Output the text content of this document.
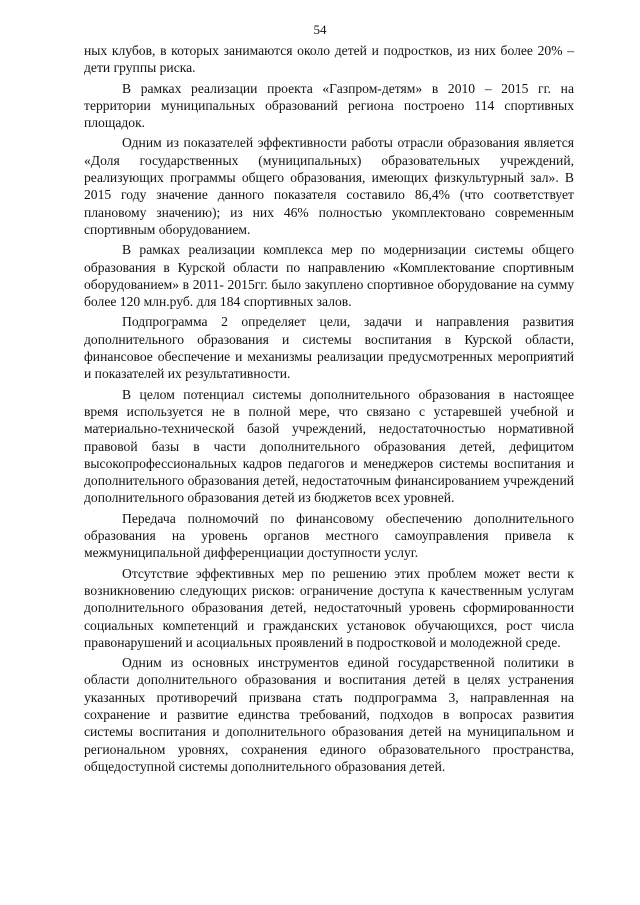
54

ных клубов, в которых занимаются около детей и подростков, из них более 20% –дети группы риска.

В рамках реализации проекта «Газпром-детям» в 2010 – 2015 гг. на территории муниципальных образований региона построено 114 спортивных площадок.

Одним из показателей эффективности работы отрасли образования является «Доля государственных (муниципальных) образовательных учреждений, реализующих программы общего образования, имеющих физкультурный зал». В 2015 году значение данного показателя составило 86,4% (что соответствует плановому значению); из них 46% полностью укомплектовано современным спортивным оборудованием.

В рамках реализации комплекса мер по модернизации системы общего образования в Курской области по направлению «Комплектование спортивным оборудованием» в 2011- 2015гг. было закуплено спортивное оборудование на сумму более 120 млн.руб. для 184 спортивных залов.

Подпрограмма 2 определяет цели, задачи и направления развития дополнительного образования и системы воспитания в Курской области, финансовое обеспечение и механизмы реализации предусмотренных мероприятий и показателей их результативности.

В целом потенциал системы дополнительного образования в настоящее время используется не в полной мере, что связано с устаревшей учебной и материально-технической базой учреждений, недостаточностью нормативной правовой базы в части дополнительного образования детей, дефицитом высокопрофессиональных кадров педагогов и менеджеров системы воспитания и дополнительного образования детей, недостаточным финансированием учреждений дополнительного образования детей из бюджетов всех уровней.

Передача полномочий по финансовому обеспечению дополнительного образования на уровень органов местного самоуправления привела к межмуниципальной дифференциации доступности услуг.

Отсутствие эффективных мер по решению этих проблем может вести к возникновению следующих рисков: ограничение доступа к качественным услугам дополнительного образования детей, недостаточный уровень сформированности социальных компетенций и гражданских установок обучающихся, рост числа правонарушений и асоциальных проявлений в подростковой и молодежной среде.

Одним из основных инструментов единой государственной политики в области дополнительного образования и воспитания детей в целях устранения указанных противоречий призвана стать подпрограмма 3, направленная на сохранение и развитие единства требований, подходов в вопросах развития системы воспитания и дополнительного образования детей на муниципальном и региональном уровнях, сохранения единого образовательного пространства, общедоступной системы дополнительного образования детей.
